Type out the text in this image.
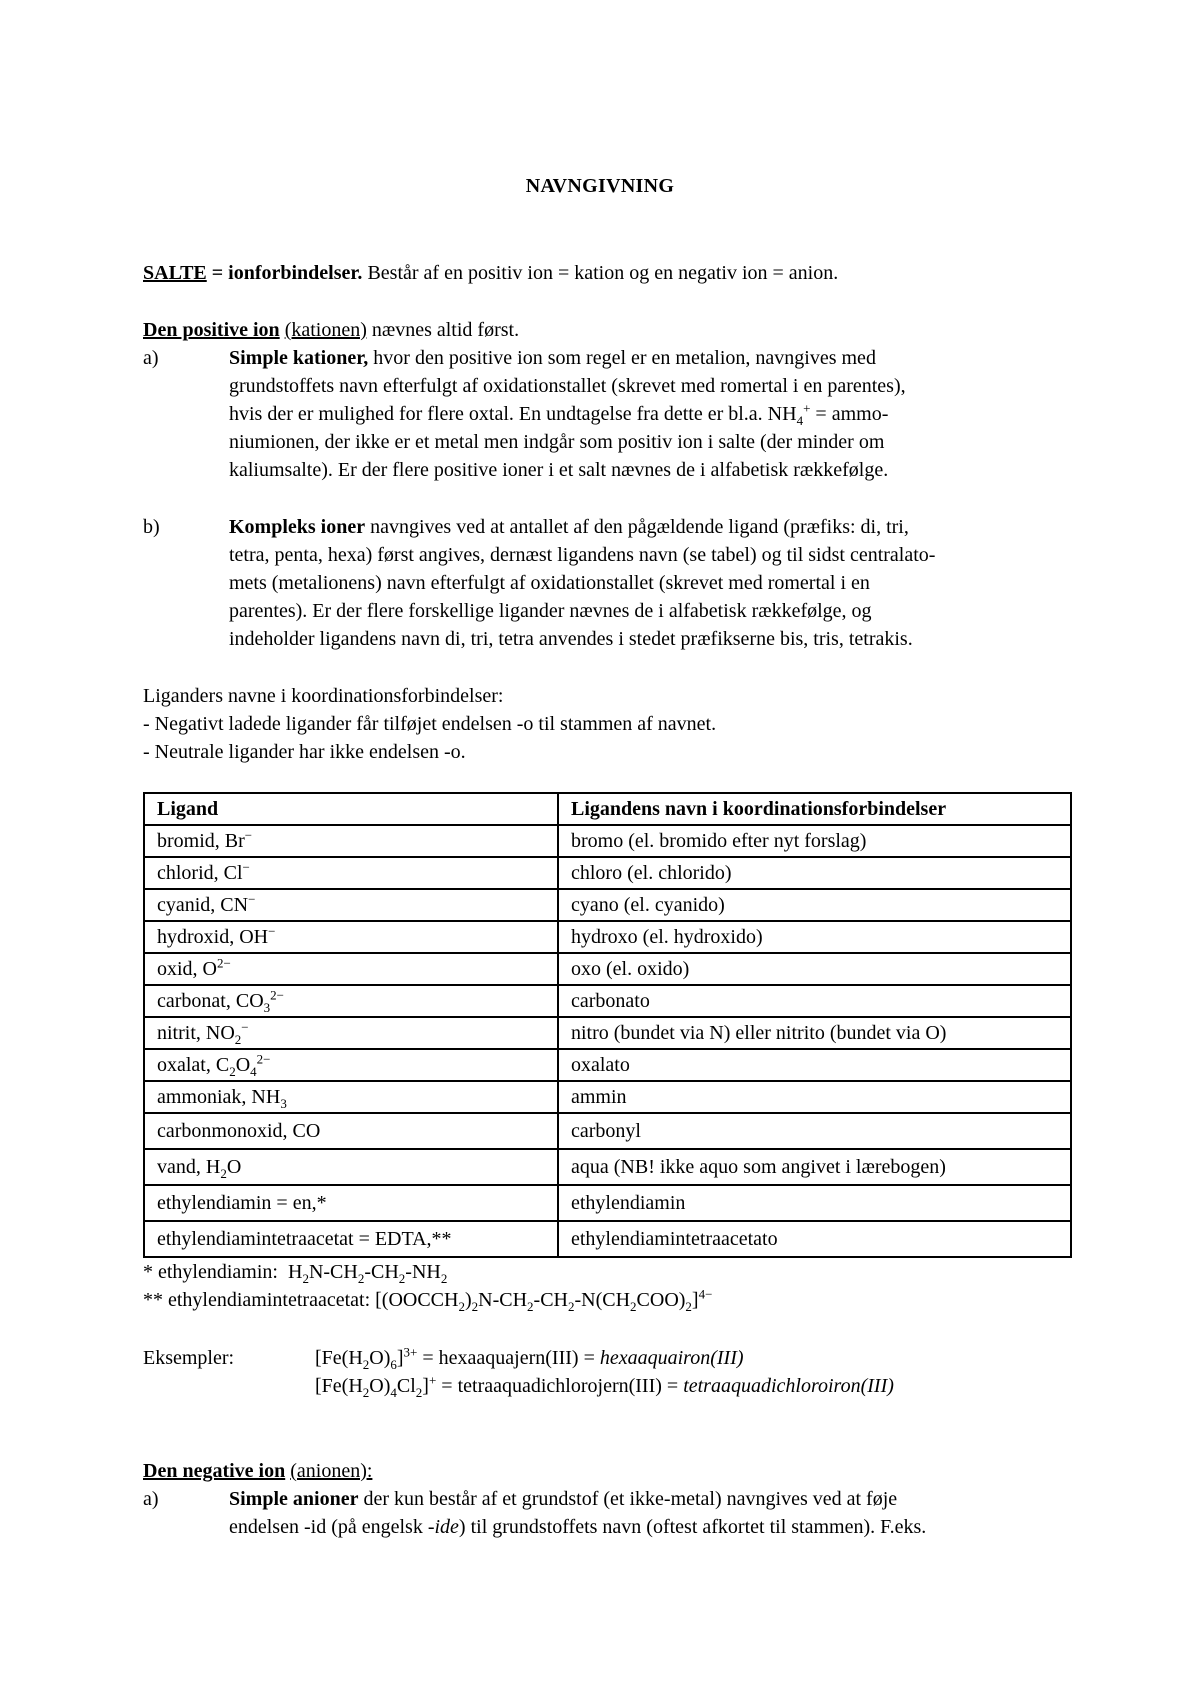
NAVNGIVNING
SALTE = ionforbindelser. Består af en positiv ion = kation og en negativ ion = anion.
Den positive ion (kationen) nævnes altid først.
a)	Simple kationer, hvor den positive ion som regel er en metalion, navngives med
grundstoffets navn efterfulgt af oxidationstallet (skrevet med romertal i en parentes),
hvis der er mulighed for flere oxtal. En undtagelse fra dette er bl.a. $NH_4^+$ = ammo-
niumionen, der ikke er et metal men indgår som positiv ion i salte (der minder om
kaliumsalte). Er der flere positive ioner i et salt nævnes de i alfabetisk rækkefølge.
b)	Kompleks ioner navngives ved at antallet af den pågældende ligand (præfiks: di, tri,
tetra, penta, hexa) først angives, dernæst ligandens navn (se tabel) og til sidst centralato-
mets (metalionens) navn efterfulgt af oxidationstallet (skrevet med romertal i en
parentes). Er der flere forskellige ligander nævnes de i alfabetisk rækkefølge, og
indeholder ligandens navn di, tri, tetra anvendes i stedet præfikserne bis, tris, tetrakis.
Liganders navne i koordinationsforbindelser:
- Negativt ladede ligander får tilføjet endelsen -o til stammen af navnet.
- Neutrale ligander har ikke endelsen -o.
Ligand	Ligandens navn i koordinationsforbindelser
bromid, Br−	bromo (el. bromido efter nyt forslag)
chlorid, Cl−	chloro (el. chlorido)
cyanid, CN−	cyano (el. cyanido)
hydroxid, OH−	hydroxo (el. hydroxido)
oxid, $O^{2-}$	oxo (el. oxido)
carbonat, $CO_3^{2-}$	carbonato
nitrit, $NO_2^-$	nitro (bundet via N) eller nitrito (bundet via O)
oxalat, $C_2O_4^{2-}$	oxalato
ammoniak, $NH_3$	ammin
carbonmonoxid, CO	carbonyl
vand, $H_2O$	aqua (NB! ikke aquo som angivet i lærebogen)
ethylendiamin = en,*	ethylendiamin
ethylendiamintetraacetat = EDTA,**	ethylendiamintetraacetato
* ethylendiamin:  $H_2N-CH_2-CH_2-NH_2$
** ethylendiamintetraacetat: $[(OOCCH_2)_2N-CH_2-CH_2-N(CH_2COO)_2]^{4-}$
Eksempler:	$[Fe(H_2O)_6]^{3+}$ = hexaaquajern(III) = hexaaquairon(III)
$[Fe(H_2O)_4Cl_2]^+$ = tetraaquadichlorojern(III) = tetraaquadichloroiron(III)
Den negative ion (anionen):
a)	Simple anioner der kun består af et grundstof (et ikke-metal) navngives ved at føje
endelsen -id (på engelsk -ide) til grundstoffets navn (oftest afkortet til stammen). F.eks.
